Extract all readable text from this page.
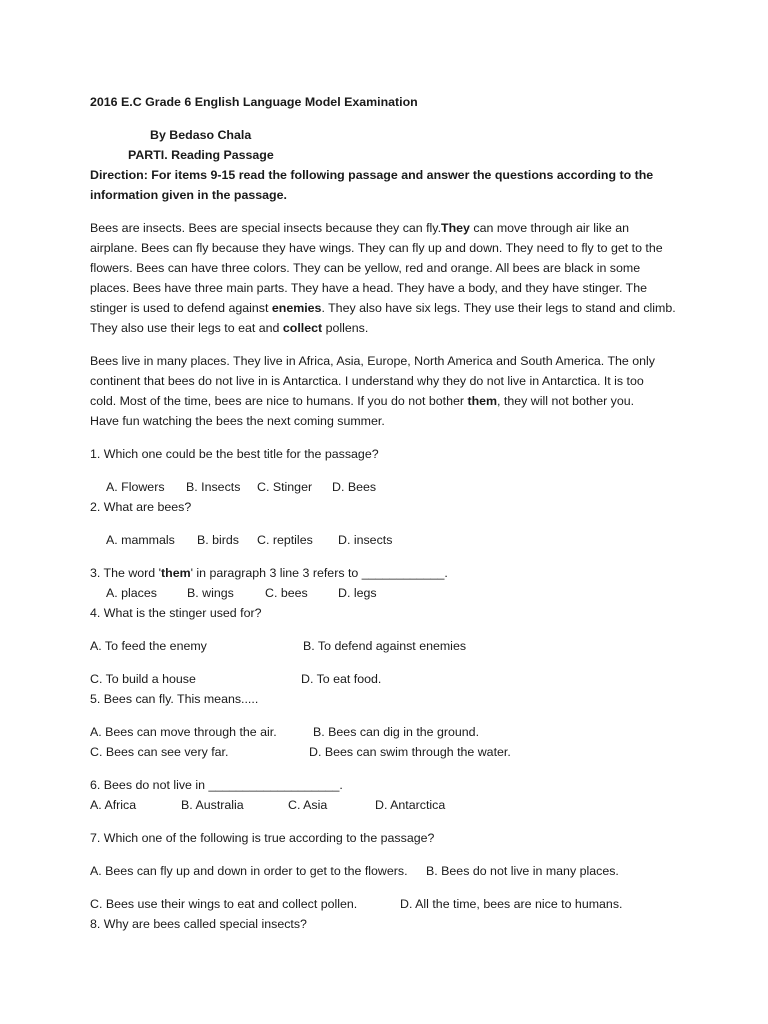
2016 E.C Grade 6 English Language Model Examination
By Bedaso Chala
PARTI. Reading Passage
Direction: For items 9-15 read the following passage and answer the questions according to the
information given in the passage.
Bees are insects. Bees are special insects because they can fly.They can move through air like an
airplane. Bees can fly because they have wings. They can fly up and down. They need to fly to get to the
flowers. Bees can have three colors. They can be yellow, red and orange. All bees are black in some
places. Bees have three main parts. They have a head. They have a body, and they have stinger. The
stinger is used to defend against enemies. They also have six legs. They use their legs to stand and climb.
They also use their legs to eat and collect pollens.
Bees live in many places. They live in Africa, Asia, Europe, North America and South America. The only
continent that bees do not live in is Antarctica. I understand why they do not live in Antarctica. It is too
cold. Most of the time, bees are nice to humans. If you do not bother them, they will not bother you.
Have fun watching the bees the next coming summer.
1. Which one could be the best title for the passage?
A. Flowers B. Insects C. Stinger D. Bees
2. What are bees?
A. mammals B. birds C. reptiles D. insects
3. The word 'them' in paragraph 3 line 3 refers to ____________.
A. places B. wings	C. bees D. legs
4. What is the stinger used for?
A. To feed the enemy	B. To defend against enemies
C. To build a house	D. To eat food.
5. Bees can fly. This means.....
A. Bees can move through the air.	B. Bees can dig in the ground.
C. Bees can see very far.	D. Bees can swim through the water.
6. Bees do not live in ___________________.
A. Africa	B. Australia	C. Asia	D. Antarctica
7. Which one of the following is true according to the passage?
A. Bees can fly up and down in order to get to the flowers. B. Bees do not live in many places.
C. Bees use their wings to eat and collect pollen.	D. All the time, bees are nice to humans.
8. Why are bees called special insects?
